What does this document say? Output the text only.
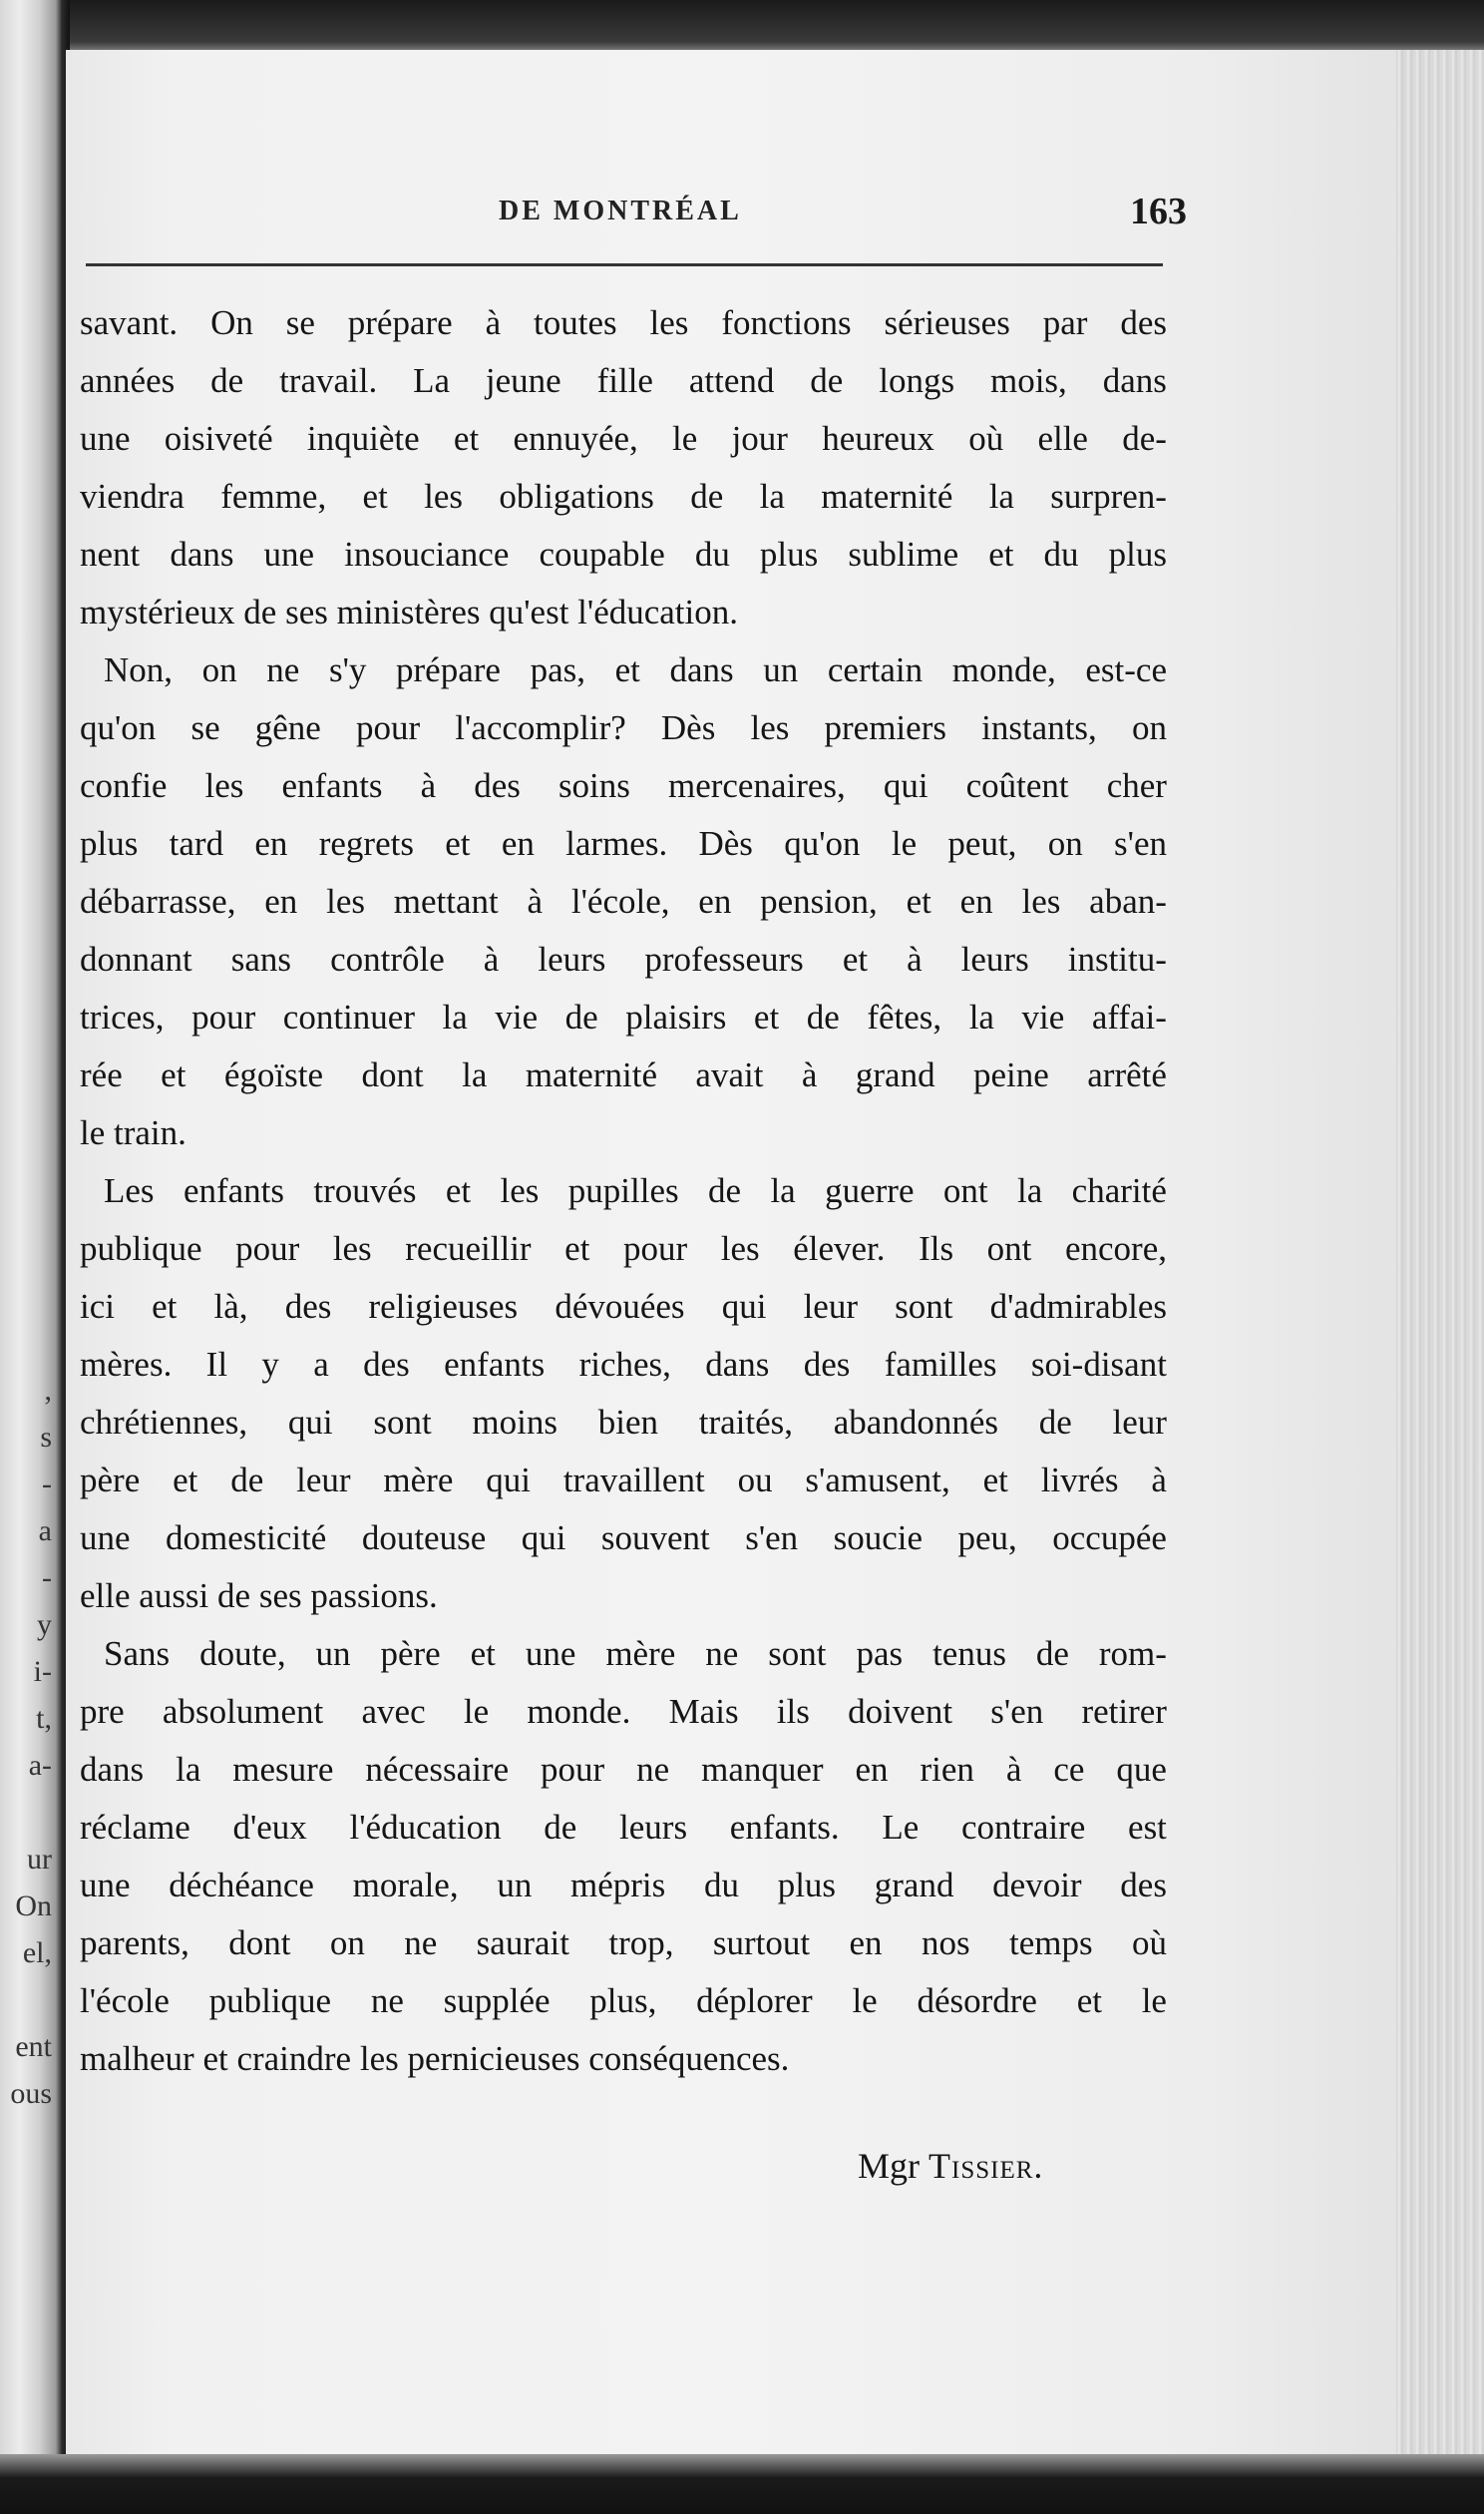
,
s
-
a
-
y
i-
t,
a-
ur
On
el,
ent
ous
DE MONTRÉAL	163
savant. On se prépare à toutes les fonctions sérieuses par des
années de travail. La jeune fille attend de longs mois, dans
une oisiveté inquiète et ennuyée, le jour heureux où elle de-
viendra femme, et les obligations de la maternité la surpren-
nent dans une insouciance coupable du plus sublime et du plus
mystérieux de ses ministères qu'est l'éducation.
Non, on ne s'y prépare pas, et dans un certain monde, est-ce
qu'on se gêne pour l'accomplir? Dès les premiers instants, on
confie les enfants à des soins mercenaires, qui coûtent cher
plus tard en regrets et en larmes. Dès qu'on le peut, on s'en
débarrasse, en les mettant à l'école, en pension, et en les aban-
donnant sans contrôle à leurs professeurs et à leurs institu-
trices, pour continuer la vie de plaisirs et de fêtes, la vie affai-
rée et égoïste dont la maternité avait à grand peine arrêté
le train.
Les enfants trouvés et les pupilles de la guerre ont la charité
publique pour les recueillir et pour les élever. Ils ont encore,
ici et là, des religieuses dévouées qui leur sont d'admirables
mères. Il y a des enfants riches, dans des familles soi-disant
chrétiennes, qui sont moins bien traités, abandonnés de leur
père et de leur mère qui travaillent ou s'amusent, et livrés à
une domesticité douteuse qui souvent s'en soucie peu, occupée
elle aussi de ses passions.
Sans doute, un père et une mère ne sont pas tenus de rom-
pre absolument avec le monde. Mais ils doivent s'en retirer
dans la mesure nécessaire pour ne manquer en rien à ce que
réclame d'eux l'éducation de leurs enfants. Le contraire est
une déchéance morale, un mépris du plus grand devoir des
parents, dont on ne saurait trop, surtout en nos temps où
l'école publique ne supplée plus, déplorer le désordre et le
malheur et craindre les pernicieuses conséquences.
Mgr Tissier.
